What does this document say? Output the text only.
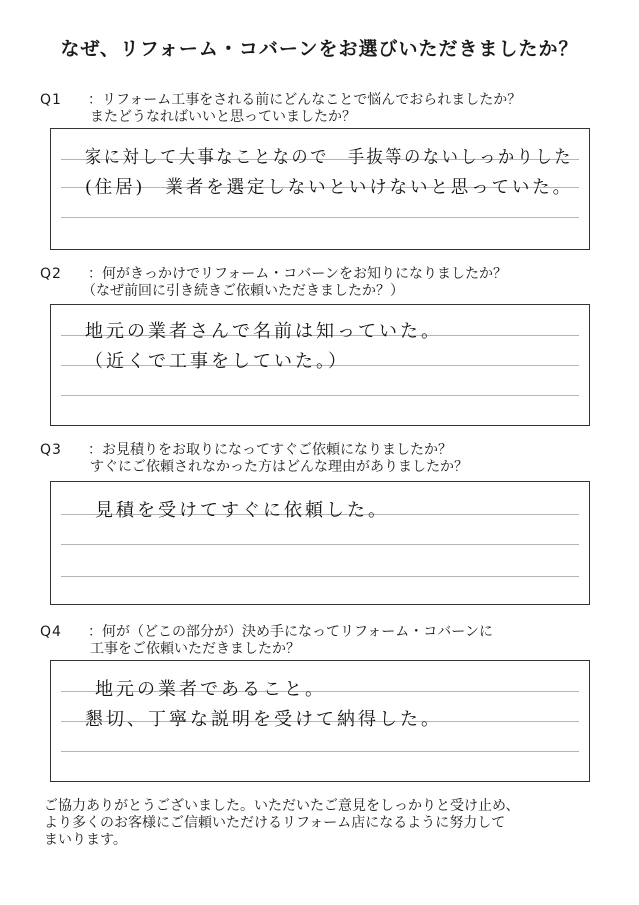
なぜ、リフォーム・コバーンをお選びいただきましたか？
Q1	：リフォーム工事をされる前にどんなことで悩んでおられましたか？
またどうなればいいと思っていましたか？
家に対して大事なことなので　手抜等のないしっかりした
(住居)　業者を選定しないといけないと思っていた。
Q2	：何がきっかけでリフォーム・コバーンをお知りになりましたか？
（なぜ前回に引き続きご依頼いただきましたか？）
地元の業者さんで名前は知っていた。
（近くで工事をしていた。）
Q3	：お見積りをお取りになってすぐご依頼になりましたか？
すぐにご依頼されなかった方はどんな理由がありましたか？
見積を受けてすぐに依頼した。
Q4	：何が（どこの部分が）決め手になってリフォーム・コバーンに
工事をご依頼いただきましたか？
地元の業者であること。
懇切、丁寧な説明を受けて納得した。
ご協力ありがとうございました。いただいたご意見をしっかりと受け止め、
より多くのお客様にご信頼いただけるリフォーム店になるように努力して
まいります。
